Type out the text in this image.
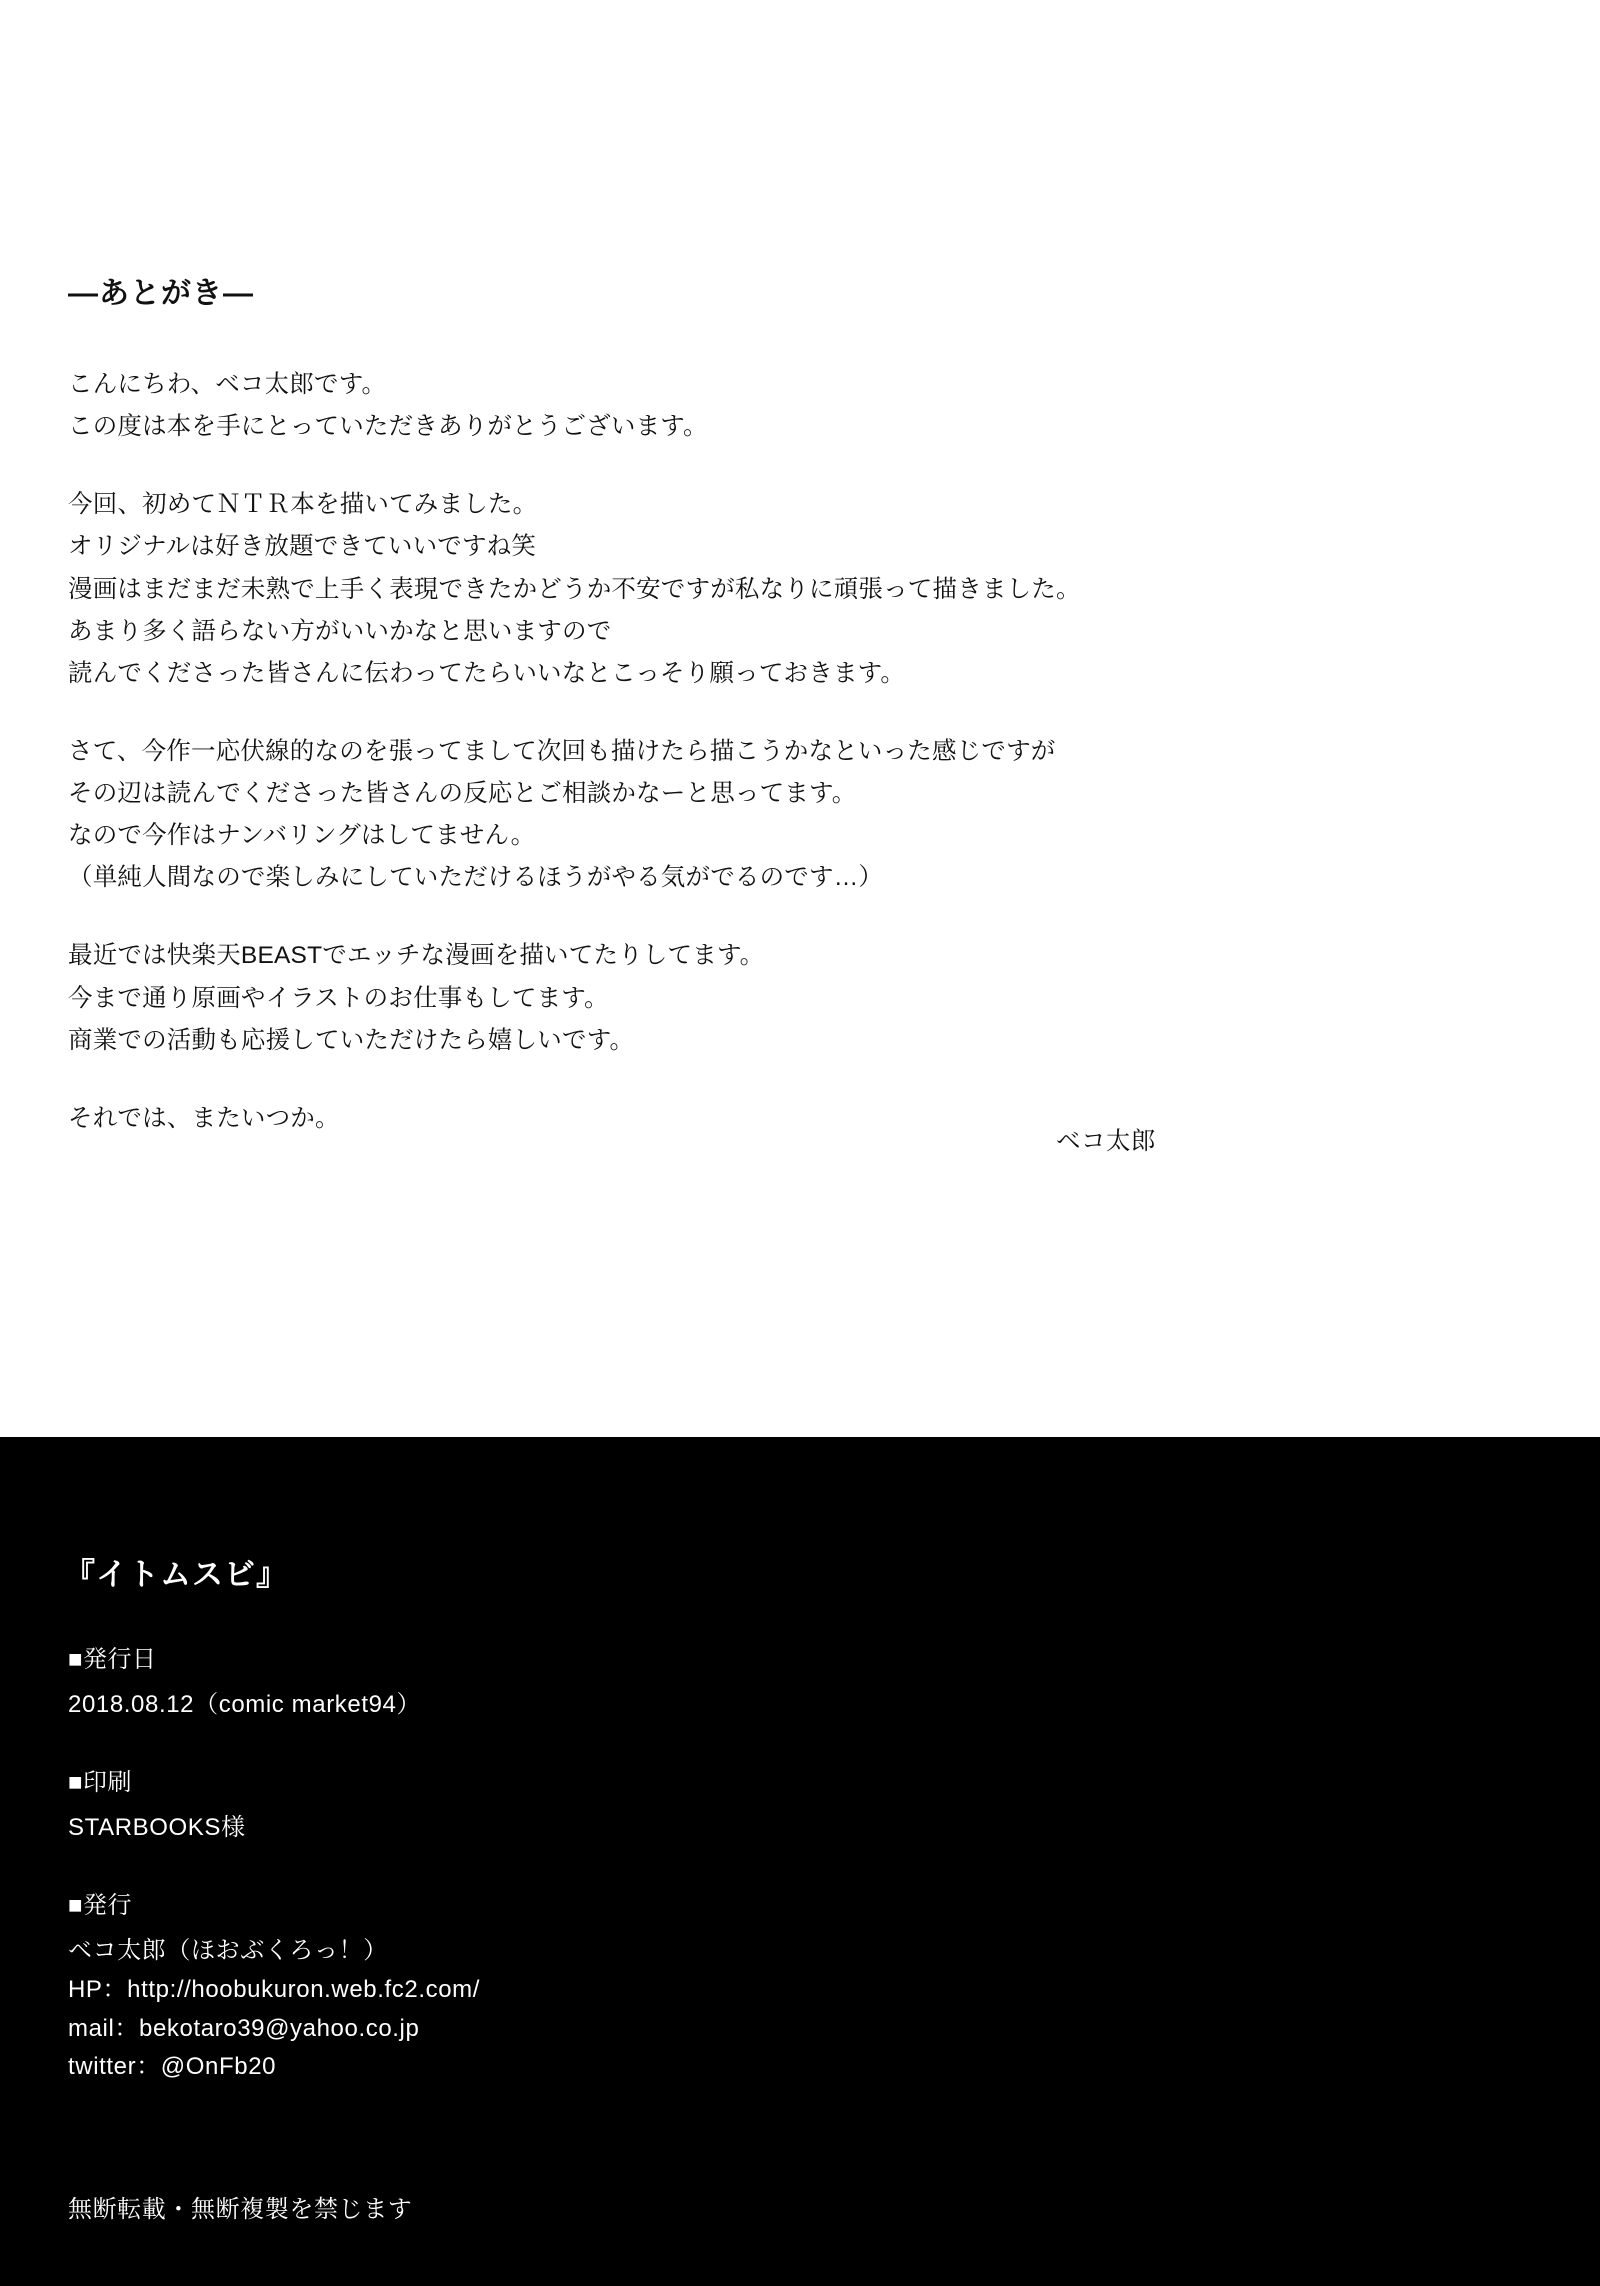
―あとがき―

こんにちわ、ベコ太郎です。
この度は本を手にとっていただきありがとうございます。

今回、初めてＮＴＲ本を描いてみました。
オリジナルは好き放題できていいですね笑
漫画はまだまだ未熟で上手く表現できたかどうか不安ですが私なりに頑張って描きました。
あまり多く語らない方がいいかなと思いますので
読んでくださった皆さんに伝わってたらいいなとこっそり願っておきます。

さて、今作一応伏線的なのを張ってまして次回も描けたら描こうかなといった感じですが
その辺は読んでくださった皆さんの反応とご相談かなーと思ってます。
なので今作はナンバリングはしてません。
（単純人間なので楽しみにしていただけるほうがやる気がでるのです…）

最近では快楽天BEASTでエッチな漫画を描いてたりしてます。
今まで通り原画やイラストのお仕事もしてます。
商業での活動も応援していただけたら嬉しいです。

それでは、またいつか。

ベコ太郎
『イトムスビ』
■発行日
2018.08.12（comic market94）
■印刷
STARBOOKS様
■発行
ベコ太郎（ほおぶくろっ！）
HP：http://hoobukuron.web.fc2.com/
mail：bekotaro39@yahoo.co.jp
twitter：@OnFb20
無断転載・無断複製を禁じます
